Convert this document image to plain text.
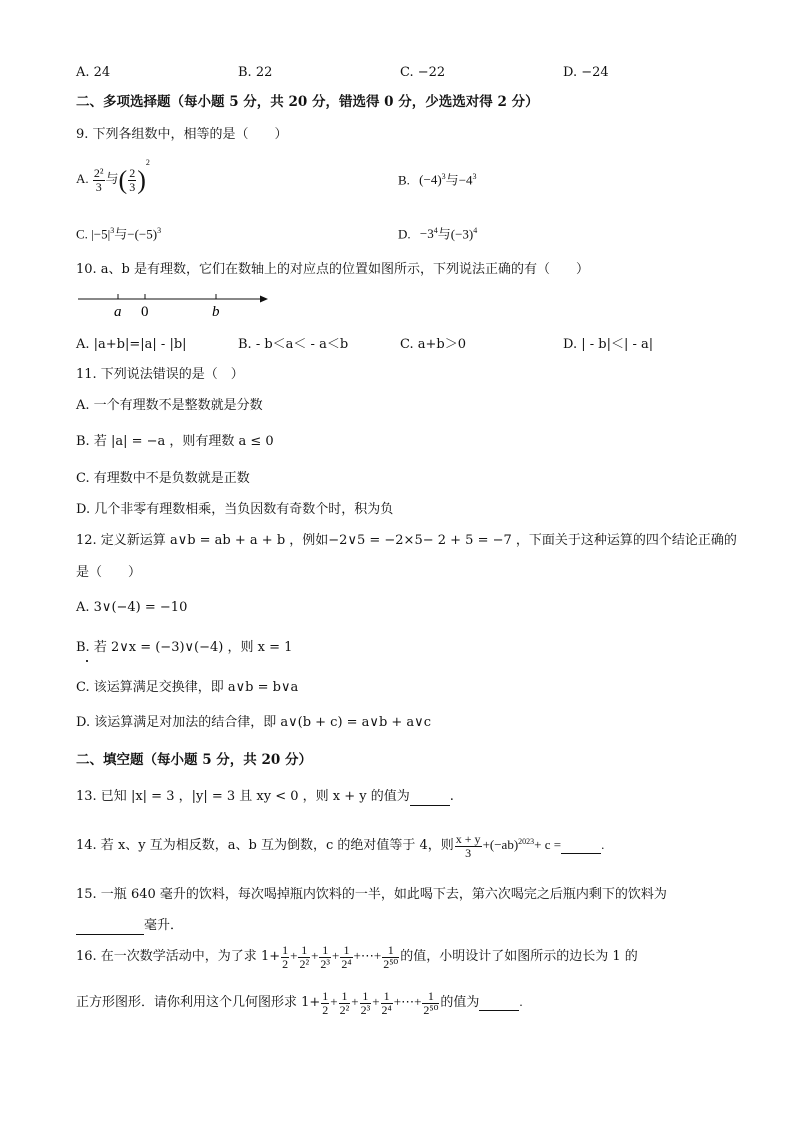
A. 24	B. 22	C. −22	D. −24
二、多项选择题（每小题 5 分，共 20 分，错选得 0 分，少选选对得 2 分）
9. 下列各组数中，相等的是（　　）
A. $\frac{\text{2²}}{3}$ 与( $\frac{2}{3} )^2$
B. $(-4)^3$与$-4^3$
C. $|-5|^3$与$-(-5)^3$	D. $-3^4$与$(-3)^4$
10. a、b 是有理数，它们在数轴上的对应点的位置如图所示，下列说法正确的有（　　）
a 0	b
A. |a+b|=|a| - |b|	B. - b＜a＜ - a＜b	C. a+b＞0	D. | - b|＜| - a|
11. 下列说法错误的是（　）
A. 一个有理数不是整数就是分数
B. 若 |a| = −a ，则有理数 a ≤ 0
C. 有理数中不是负数就是正数
D. 几个非零有理数相乘，当负因数有奇数个时，积为负
12. 定义新运算 a∨b = ab + a + b ，例如−2∨5 = −2×5− 2 + 5 = −7 ，下面关于这种运算的四个结论正确的
是（　　）
A. 3∨(−4) = −10
B. 若 2∨x = (−3)∨(−4) ，则 x = 1
C. 该运算满足交换律，即 a∨b = b∨a
D. 该运算满足对加法的结合律，即 a∨(b + c) = a∨b + a∨c
二、填空题（每小题 5 分，共 20 分）
13. 已知 |x| = 3 ，|y| = 3 且 xy < 0 ，则 x + y 的值为	.
14. 若 x、y 互为相反数，a、b 互为倒数，c 的绝对值等于 4，则 $\frac{x + y}{3} +(-ab)^{2023}+ c$ =	.
15. 一瓶 640 毫升的饮料，每次喝掉瓶内饮料的一半，如此喝下去，第六次喝完之后瓶内剩下的饮料为
毫升．
16. 在一次数学活动中，为了求 $1+ \frac{1}{2} + \frac{1}{\text{2²}} + \frac{1}{\text{2³}} + \frac{1}{\text{2⁴}}$ +⋯+ $\frac{1}{\text{2⁵⁰}}$ 的值，小明设计了如图所示的边长为 1 的
正方形图形．请你利用这个几何图形求 $1+ \frac{1}{2} + \frac{1}{\text{2²}} + \frac{1}{\text{2³}} + \frac{1}{\text{2⁴}}$ +⋯+ $\frac{1}{\text{2⁵⁰}}$ 的值为	.
